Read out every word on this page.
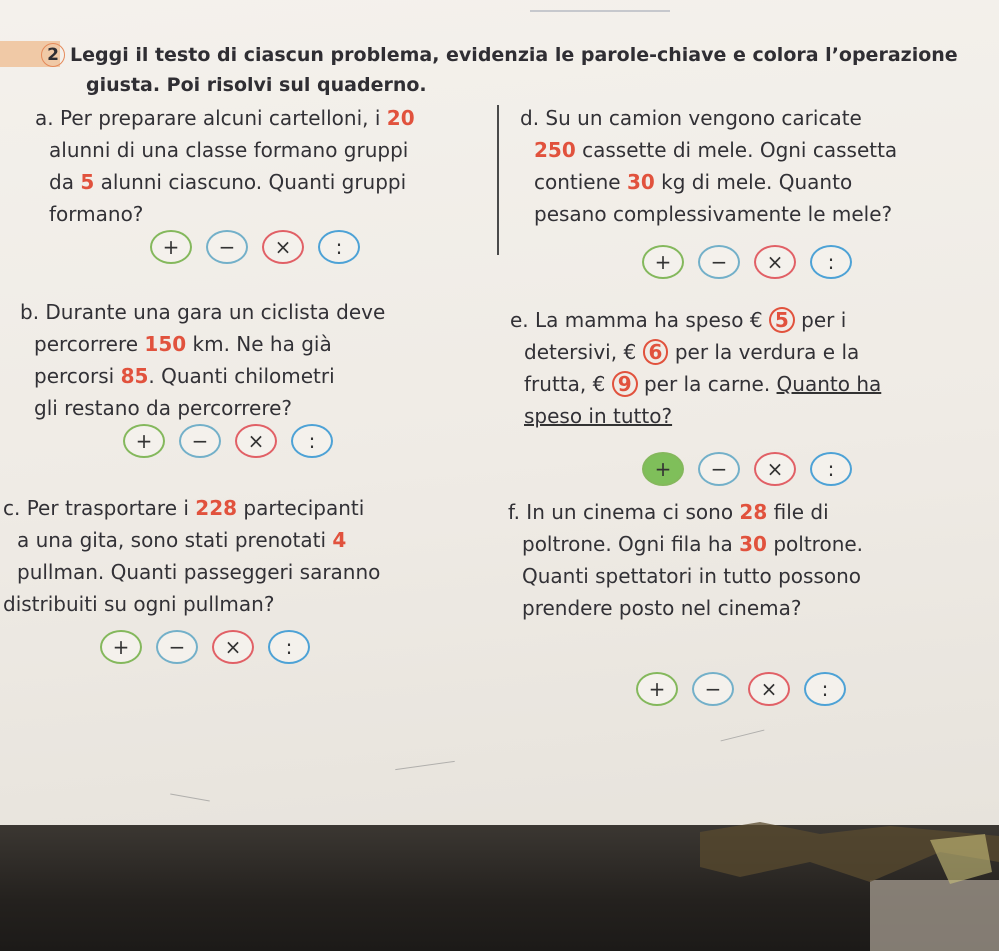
2 Leggi il testo di ciascun problema, evidenzia le parole-chiave e colora l’operazione

giusta. Poi risolvi sul quaderno.

a. Per preparare alcuni cartelloni, i 20

alunni di una classe formano gruppi

da 5 alunni ciascuno. Quanti gruppi

formano?

+	−	×	:

b. Durante una gara un ciclista deve

percorrere 150 km. Ne ha già

percorsi 85. Quanti chilometri

gli restano da percorrere?

+	−	×	:

c. Per trasportare i 228 partecipanti

a una gita, sono stati prenotati 4

pullman. Quanti passeggeri saranno

distribuiti su ogni pullman?

+	−	×	:

d. Su un camion vengono caricate

250 cassette di mele. Ogni cassetta

contiene 30 kg di mele. Quanto

pesano complessivamente le mele?

+	−	×	:

e. La mamma ha speso € 5 per i

detersivi, € 6 per la verdura e la

frutta, € 9 per la carne. Quanto ha

speso in tutto?

+	−	×	:

f. In un cinema ci sono 28 file di

poltrone. Ogni fila ha 30 poltrone.

Quanti spettatori in tutto possono

prendere posto nel cinema?

+	−	×	:
